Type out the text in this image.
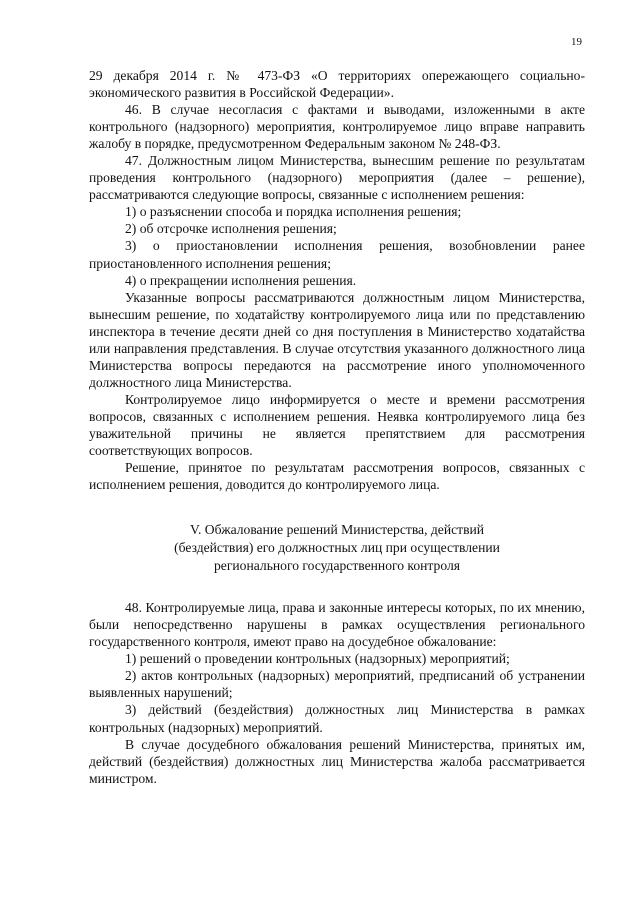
19

29 декабря 2014 г. № 473-ФЗ «О территориях опережающего социально-экономического развития в Российской Федерации».

46. В случае несогласия с фактами и выводами, изложенными в акте контрольного (надзорного) мероприятия, контролируемое лицо вправе направить жалобу в порядке, предусмотренном Федеральным законом № 248-ФЗ.

47. Должностным лицом Министерства, вынесшим решение по результатам проведения контрольного (надзорного) мероприятия (далее – решение), рассматриваются следующие вопросы, связанные с исполнением решения:

1) о разъяснении способа и порядка исполнения решения;

2) об отсрочке исполнения решения;

3) о приостановлении исполнения решения, возобновлении ранее приостановленного исполнения решения;

4) о прекращении исполнения решения.

Указанные вопросы рассматриваются должностным лицом Министерства, вынесшим решение, по ходатайству контролируемого лица или по представлению инспектора в течение десяти дней со дня поступления в Министерство ходатайства или направления представления. В случае отсутствия указанного должностного лица Министерства вопросы передаются на рассмотрение иного уполномоченного должностного лица Министерства.

Контролируемое лицо информируется о месте и времени рассмотрения вопросов, связанных с исполнением решения. Неявка контролируемого лица без уважительной причины не является препятствием для рассмотрения соответствующих вопросов.

Решение, принятое по результатам рассмотрения вопросов, связанных с исполнением решения, доводится до контролируемого лица.

V. Обжалование решений Министерства, действий
(бездействия) его должностных лиц при осуществлении
регионального государственного контроля

48. Контролируемые лица, права и законные интересы которых, по их мнению, были непосредственно нарушены в рамках осуществления регионального государственного контроля, имеют право на досудебное обжалование:

1) решений о проведении контрольных (надзорных) мероприятий;

2) актов контрольных (надзорных) мероприятий, предписаний об устранении выявленных нарушений;

3) действий (бездействия) должностных лиц Министерства в рамках контрольных (надзорных) мероприятий.

В случае досудебного обжалования решений Министерства, принятых им, действий (бездействия) должностных лиц Министерства жалоба рассматривается министром.
